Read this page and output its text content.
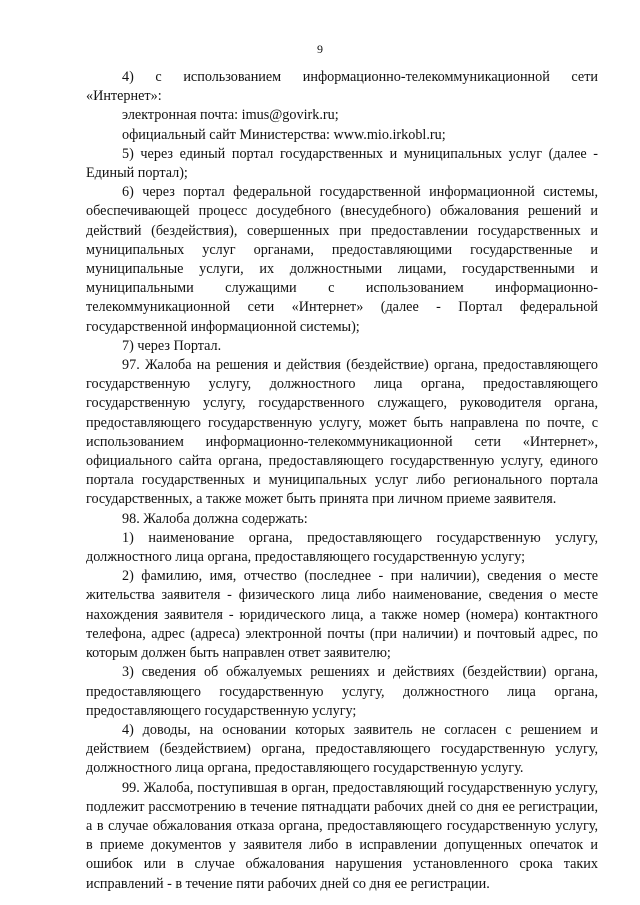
9

4) с использованием информационно-телекоммуникационной сети «Интернет»:

электронная почта: imus@govirk.ru;

официальный сайт Министерства: www.mio.irkobl.ru;

5) через единый портал государственных и муниципальных услуг (далее - Единый портал);

6) через портал федеральной государственной информационной системы, обеспечивающей процесс досудебного (внесудебного) обжалования решений и действий (бездействия), совершенных при предоставлении государственных и муниципальных услуг органами, предоставляющими государственные и муниципальные услуги, их должностными лицами, государственными и муниципальными служащими с использованием информационно-телекоммуникационной сети «Интернет» (далее - Портал федеральной государственной информационной системы);

7) через Портал.

97. Жалоба на решения и действия (бездействие) органа, предоставляющего государственную услугу, должностного лица органа, предоставляющего государственную услугу, государственного служащего, руководителя органа, предоставляющего государственную услугу, может быть направлена по почте, с использованием информационно-телекоммуникационной сети «Интернет», официального сайта органа, предоставляющего государственную услугу, единого портала государственных и муниципальных услуг либо регионального портала государственных, а также может быть принята при личном приеме заявителя.

98. Жалоба должна содержать:

1) наименование органа, предоставляющего государственную услугу, должностного лица органа, предоставляющего государственную услугу;

2) фамилию, имя, отчество (последнее - при наличии), сведения о месте жительства заявителя - физического лица либо наименование, сведения о месте нахождения заявителя - юридического лица, а также номер (номера) контактного телефона, адрес (адреса) электронной почты (при наличии) и почтовый адрес, по которым должен быть направлен ответ заявителю;

3) сведения об обжалуемых решениях и действиях (бездействии) органа, предоставляющего государственную услугу, должностного лица органа, предоставляющего государственную услугу;

4) доводы, на основании которых заявитель не согласен с решением и действием (бездействием) органа, предоставляющего государственную услугу, должностного лица органа, предоставляющего государственную услугу.

99. Жалоба, поступившая в орган, предоставляющий государственную услугу, подлежит рассмотрению в течение пятнадцати рабочих дней со дня ее регистрации, а в случае обжалования отказа органа, предоставляющего государственную услугу, в приеме документов у заявителя либо в исправлении допущенных опечаток и ошибок или в случае обжалования нарушения установленного срока таких исправлений - в течение пяти рабочих дней со дня ее регистрации.
